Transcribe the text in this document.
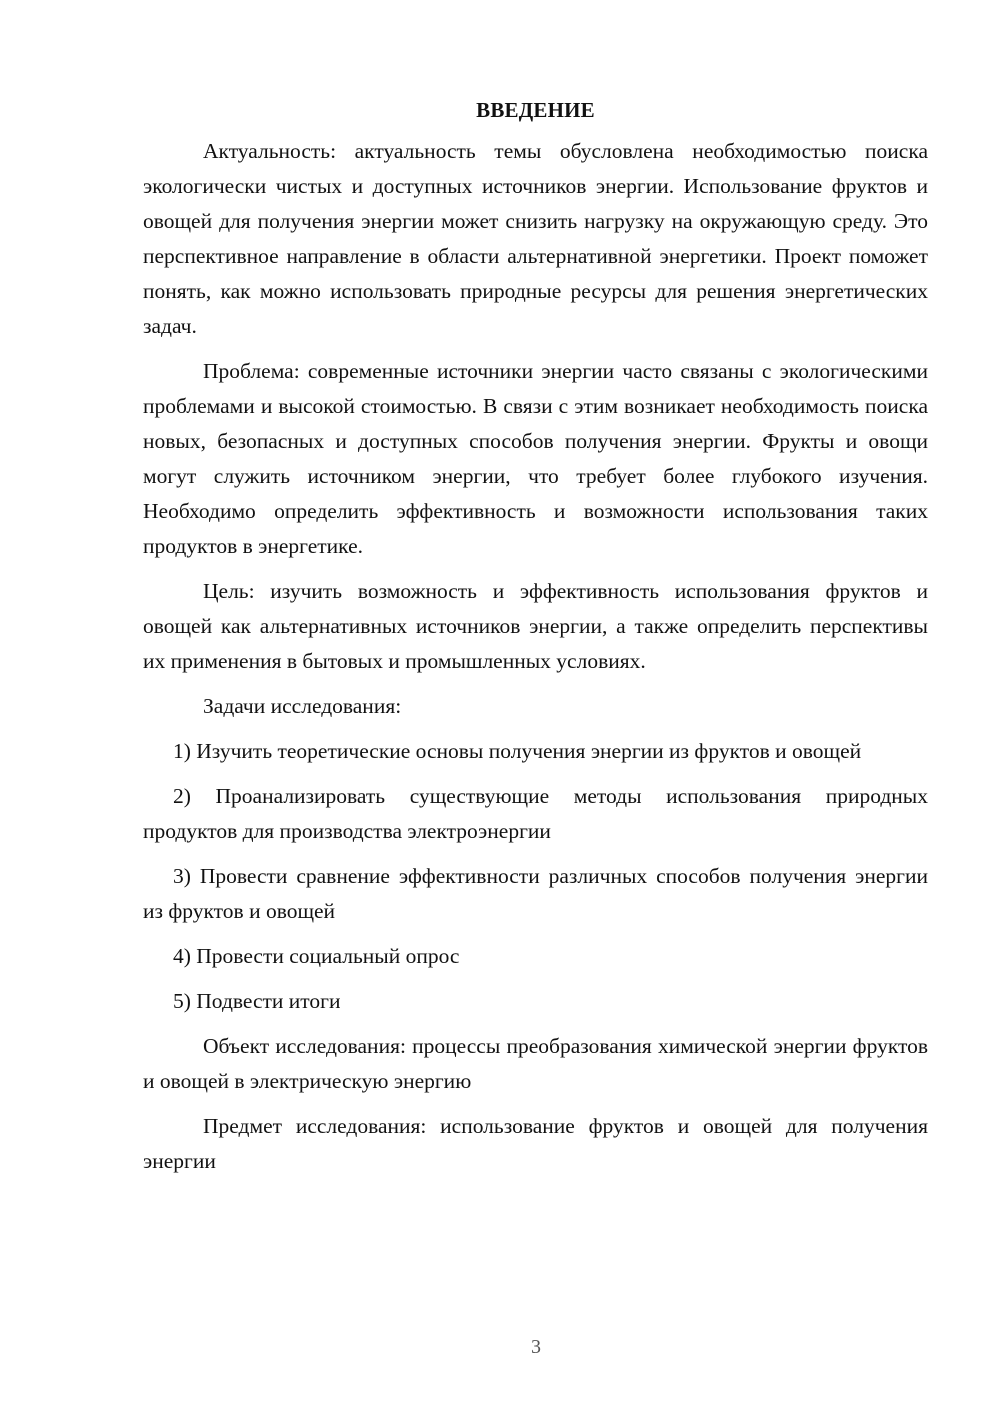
ВВЕДЕНИЕ

Актуальность: актуальность темы обусловлена необходимостью поиска экологически чистых и доступных источников энергии. Использование фруктов и овощей для получения энергии может снизить нагрузку на окружающую среду. Это перспективное направление в области альтернативной энергетики. Проект поможет понять, как можно использовать природные ресурсы для решения энергетических задач.

Проблема: современные источники энергии часто связаны с экологическими проблемами и высокой стоимостью. В связи с этим возникает необходимость поиска новых, безопасных и доступных способов получения энергии. Фрукты и овощи могут служить источником энергии, что требует более глубокого изучения. Необходимо определить эффективность и возможности использования таких продуктов в энергетике.

Цель: изучить возможность и эффективность использования фруктов и овощей как альтернативных источников энергии, а также определить перспективы их применения в бытовых и промышленных условиях.

Задачи исследования:

1) Изучить теоретические основы получения энергии из фруктов и овощей

2) Проанализировать существующие методы использования природных продуктов для производства электроэнергии

3) Провести сравнение эффективности различных способов получения энергии из фруктов и овощей

4) Провести социальный опрос

5) Подвести итоги

Объект исследования: процессы преобразования химической энергии фруктов и овощей в электрическую энергию

Предмет исследования: использование фруктов и овощей для получения энергии

3
